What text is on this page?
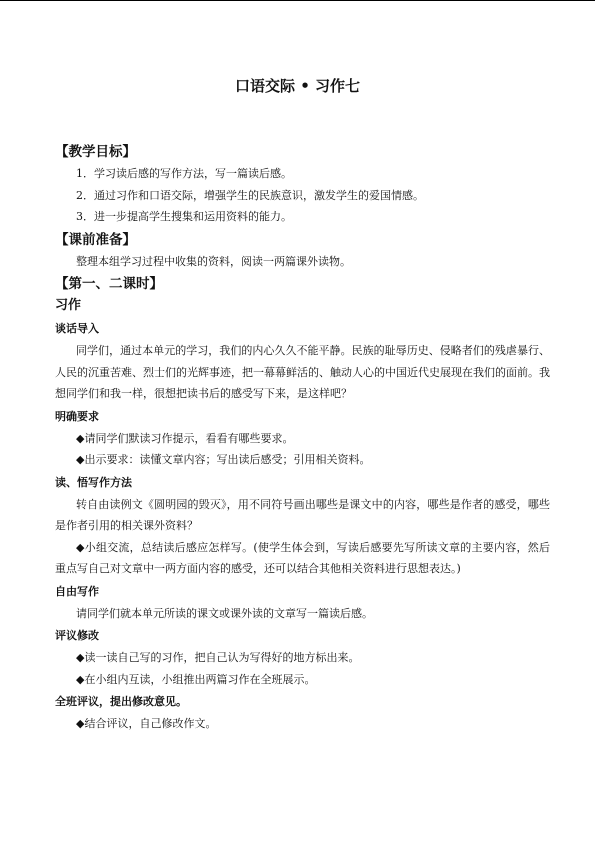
口语交际 • 习作七
【教学目标】
1．学习读后感的写作方法，写一篇读后感。
2．通过习作和口语交际，增强学生的民族意识，激发学生的爱国情感。
3．进一步提高学生搜集和运用资料的能力。
【课前准备】
整理本组学习过程中收集的资料，阅读一两篇课外读物。
【第一、二课时】
习作
谈话导入
同学们，通过本单元的学习，我们的内心久久不能平静。民族的耻辱历史、侵略者们的残虐暴行、人民的沉重苦难、烈士们的光辉事迹，把一幕幕鲜活的、触动人心的中国近代史展现在我们的面前。我想同学们和我一样，很想把读书后的感受写下来，是这样吧？
明确要求
◆请同学们默读习作提示，看看有哪些要求。
◆出示要求：读懂文章内容；写出读后感受；引用相关资料。
读、悟写作方法
转自由读例文《圆明园的毁灭》，用不同符号画出哪些是课文中的内容，哪些是作者的感受，哪些是作者引用的相关课外资料？
◆小组交流，总结读后感应怎样写。(使学生体会到，写读后感要先写所读文章的主要内容，然后重点写自己对文章中一两方面内容的感受，还可以结合其他相关资料进行思想表达。)
自由写作
请同学们就本单元所读的课文或课外读的文章写一篇读后感。
评议修改
◆读一读自己写的习作，把自己认为写得好的地方标出来。
◆在小组内互读，小组推出两篇习作在全班展示。
全班评议，提出修改意见。
◆结合评议，自己修改作文。
